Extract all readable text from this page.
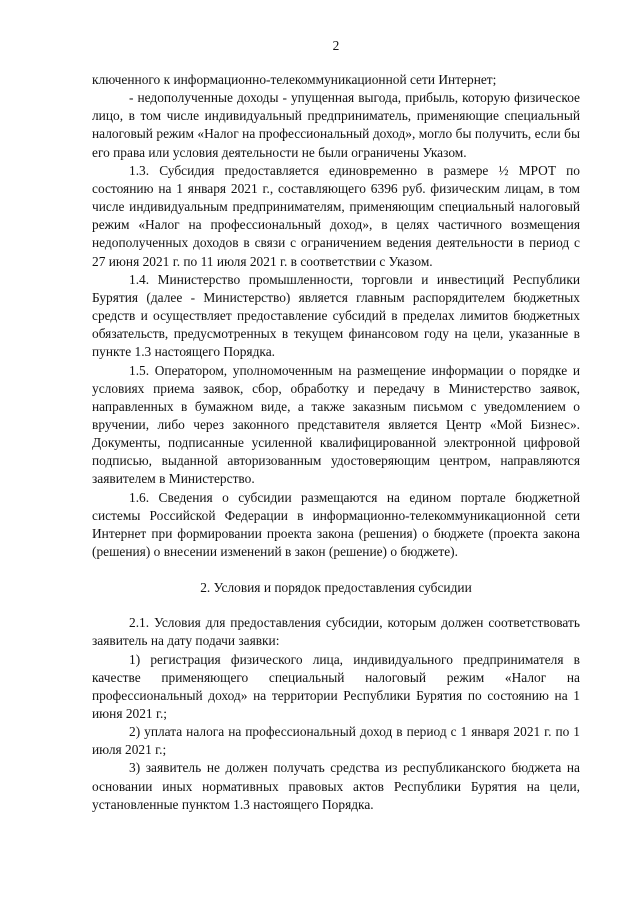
2

ключенного к информационно-телекоммуникационной сети Интернет;

- недополученные доходы - упущенная выгода, прибыль, которую физическое лицо, в том числе индивидуальный предприниматель, применяющие специальный налоговый режим «Налог на профессиональный доход», могло бы получить, если бы его права или условия деятельности не были ограничены Указом.

1.3. Субсидия предоставляется единовременно в размере ½ МРОТ по состоянию на 1 января 2021 г., составляющего 6396 руб. физическим лицам, в том числе индивидуальным предпринимателям, применяющим специальный налоговый режим «Налог на профессиональный доход», в целях частичного возмещения недополученных доходов в связи с ограничением ведения деятельности в период с 27 июня 2021 г. по 11 июля 2021 г. в соответствии с Указом.

1.4. Министерство промышленности, торговли и инвестиций Республики Бурятия (далее - Министерство) является главным распорядителем бюджетных средств и осуществляет предоставление субсидий в пределах лимитов бюджетных обязательств, предусмотренных в текущем финансовом году на цели, указанные в пункте 1.3 настоящего Порядка.

1.5. Оператором, уполномоченным на размещение информации о порядке и условиях приема заявок, сбор, обработку и передачу в Министерство заявок, направленных в бумажном виде, а также заказным письмом с уведомлением о вручении, либо через законного представителя является Центр «Мой Бизнес». Документы, подписанные усиленной квалифицированной электронной цифровой подписью, выданной авторизованным удостоверяющим центром, направляются заявителем в Министерство.

1.6. Сведения о субсидии размещаются на едином портале бюджетной системы Российской Федерации в информационно-телекоммуникационной сети Интернет при формировании проекта закона (решения) о бюджете (проекта закона (решения) о внесении изменений в закон (решение) о бюджете).

2. Условия и порядок предоставления субсидии

2.1. Условия для предоставления субсидии, которым должен соответствовать заявитель на дату подачи заявки:

1) регистрация физического лица, индивидуального предпринимателя в качестве применяющего специальный налоговый режим «Налог на профессиональный доход» на территории Республики Бурятия по состоянию на 1 июня 2021 г.;

2) уплата налога на профессиональный доход в период с 1 января 2021 г. по 1 июля 2021 г.;

3) заявитель не должен получать средства из республиканского бюджета на основании иных нормативных правовых актов Республики Бурятия на цели, установленные пунктом 1.3 настоящего Порядка.
